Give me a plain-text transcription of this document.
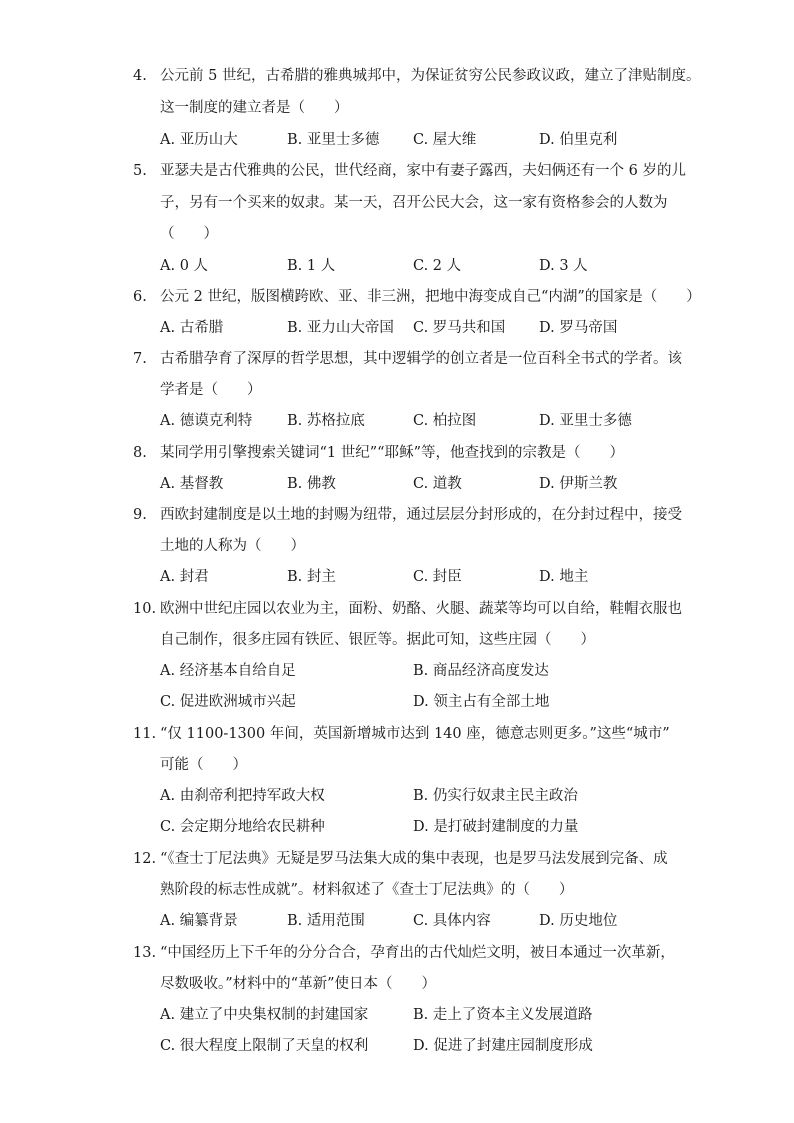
4. 公元前 5 世纪，古希腊的雅典城邦中，为保证贫穷公民参政议政，建立了津贴制度。
这一制度的建立者是（　　）
A. 亚历山大	B. 亚里士多德 C. 屋大维	D. 伯里克利
5. 亚瑟夫是古代雅典的公民，世代经商，家中有妻子露西，夫妇俩还有一个 6 岁的儿
子，另有一个买来的奴隶。某一天，召开公民大会，这一家有资格参会的人数为
（　　）
A. 0 人	B. 1 人	C. 2 人	D. 3 人
6. 公元 2 世纪，版图横跨欧、亚、非三洲，把地中海变成自己“内湖”的国家是（　　）
A. 古希腊	B. 亚力山大帝国 C. 罗马共和国 D. 罗马帝国
7. 古希腊孕育了深厚的哲学思想，其中逻辑学的创立者是一位百科全书式的学者。该
学者是（　　）
A. 德谟克利特 B. 苏格拉底	C. 柏拉图	D. 亚里士多德
8. 某同学用引擎搜索关键词“1 世纪”“耶稣”等，他查找到的宗教是（　　）
A. 基督教	B. 佛教	C. 道教	D. 伊斯兰教
9. 西欧封建制度是以土地的封赐为纽带，通过层层分封形成的，在分封过程中，接受
土地的人称为（　　）
A. 封君	B. 封主	C. 封臣	D. 地主
10. 欧洲中世纪庄园以农业为主，面粉、奶酪、火腿、蔬菜等均可以自给，鞋帽衣服也
自己制作，很多庄园有铁匠、银匠等。据此可知，这些庄园（　　）
A. 经济基本自给自足	B. 商品经济高度发达
C. 促进欧洲城市兴起	D. 领主占有全部土地
11. “仅 1100-1300 年间，英国新增城市达到 140 座，德意志则更多。”这些“城市”
可能（　　）
A. 由刹帝利把持军政大权	B. 仍实行奴隶主民主政治
C. 会定期分地给农民耕种	D. 是打破封建制度的力量
12. “《查士丁尼法典》无疑是罗马法集大成的集中表现，也是罗马法发展到完备、成
熟阶段的标志性成就”。材料叙述了《查士丁尼法典》的（　　）
A. 编纂背景	B. 适用范围	C. 具体内容	D. 历史地位
13. “中国经历上下千年的分分合合，孕育出的古代灿烂文明，被日本通过一次革新，
尽数吸收。”材料中的“革新”使日本（　　）
A. 建立了中央集权制的封建国家	B. 走上了资本主义发展道路
C. 很大程度上限制了天皇的权利	D. 促进了封建庄园制度形成
